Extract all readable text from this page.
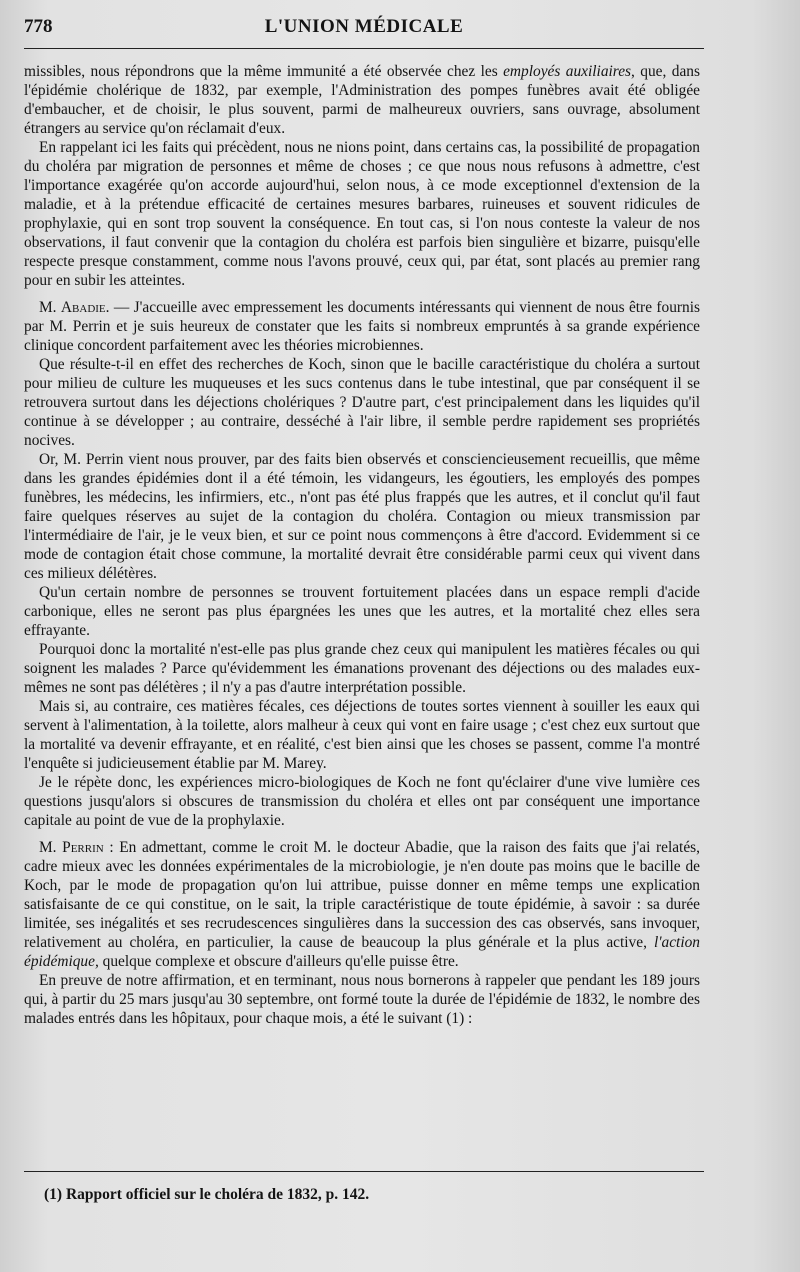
778	L'UNION MÉDICALE

missibles, nous répondrons que la même immunité a été observée chez les employés auxiliaires, que, dans l'épidémie cholérique de 1832, par exemple, l'Administration des pompes funèbres avait été obligée d'embaucher, et de choisir, le plus souvent, parmi de malheureux ouvriers, sans ouvrage, absolument étrangers au service qu'on réclamait d'eux.

En rappelant ici les faits qui précèdent, nous ne nions point, dans certains cas, la possibilité de propagation du choléra par migration de personnes et même de choses ; ce que nous nous refusons à admettre, c'est l'importance exagérée qu'on accorde aujourd'hui, selon nous, à ce mode exceptionnel d'extension de la maladie, et à la prétendue efficacité de certaines mesures barbares, ruineuses et souvent ridicules de prophylaxie, qui en sont trop souvent la conséquence. En tout cas, si l'on nous conteste la valeur de nos observations, il faut convenir que la contagion du choléra est parfois bien singulière et bizarre, puisqu'elle respecte presque constamment, comme nous l'avons prouvé, ceux qui, par état, sont placés au premier rang pour en subir les atteintes.

M. Abadie. — J'accueille avec empressement les documents intéressants qui viennent de nous être fournis par M. Perrin et je suis heureux de constater que les faits si nombreux empruntés à sa grande expérience clinique concordent parfaitement avec les théories microbiennes.

Que résulte-t-il en effet des recherches de Koch, sinon que le bacille caractéristique du choléra a surtout pour milieu de culture les muqueuses et les sucs contenus dans le tube intestinal, que par conséquent il se retrouvera surtout dans les déjections cholériques ? D'autre part, c'est principalement dans les liquides qu'il continue à se développer ; au contraire, desséché à l'air libre, il semble perdre rapidement ses propriétés nocives.

Or, M. Perrin vient nous prouver, par des faits bien observés et consciencieusement recueillis, que même dans les grandes épidémies dont il a été témoin, les vidangeurs, les égoutiers, les employés des pompes funèbres, les médecins, les infirmiers, etc., n'ont pas été plus frappés que les autres, et il conclut qu'il faut faire quelques réserves au sujet de la contagion du choléra. Contagion ou mieux transmission par l'intermédiaire de l'air, je le veux bien, et sur ce point nous commençons à être d'accord. Evidemment si ce mode de contagion était chose commune, la mortalité devrait être considérable parmi ceux qui vivent dans ces milieux délétères.

Qu'un certain nombre de personnes se trouvent fortuitement placées dans un espace rempli d'acide carbonique, elles ne seront pas plus épargnées les unes que les autres, et la mortalité chez elles sera effrayante.

Pourquoi donc la mortalité n'est-elle pas plus grande chez ceux qui manipulent les matières fécales ou qui soignent les malades ? Parce qu'évidemment les émanations provenant des déjections ou des malades eux-mêmes ne sont pas délétères ; il n'y a pas d'autre interprétation possible.

Mais si, au contraire, ces matières fécales, ces déjections de toutes sortes viennent à souiller les eaux qui servent à l'alimentation, à la toilette, alors malheur à ceux qui vont en faire usage ; c'est chez eux surtout que la mortalité va devenir effrayante, et en réalité, c'est bien ainsi que les choses se passent, comme l'a montré l'enquête si judicieusement établie par M. Marey.

Je le répète donc, les expériences micro-biologiques de Koch ne font qu'éclairer d'une vive lumière ces questions jusqu'alors si obscures de transmission du choléra et elles ont par conséquent une importance capitale au point de vue de la prophylaxie.

M. Perrin : En admettant, comme le croit M. le docteur Abadie, que la raison des faits que j'ai relatés, cadre mieux avec les données expérimentales de la microbiologie, je n'en doute pas moins que le bacille de Koch, par le mode de propagation qu'on lui attribue, puisse donner en même temps une explication satisfaisante de ce qui constitue, on le sait, la triple caractéristique de toute épidémie, à savoir : sa durée limitée, ses inégalités et ses recrudescences singulières dans la succession des cas observés, sans invoquer, relativement au choléra, en particulier, la cause de beaucoup la plus générale et la plus active, l'action épidémique, quelque complexe et obscure d'ailleurs qu'elle puisse être.

En preuve de notre affirmation, et en terminant, nous nous bornerons à rappeler que pendant les 189 jours qui, à partir du 25 mars jusqu'au 30 septembre, ont formé toute la durée de l'épidémie de 1832, le nombre des malades entrés dans les hôpitaux, pour chaque mois, a été le suivant (1) :

(1) Rapport officiel sur le choléra de 1832, p. 142.
